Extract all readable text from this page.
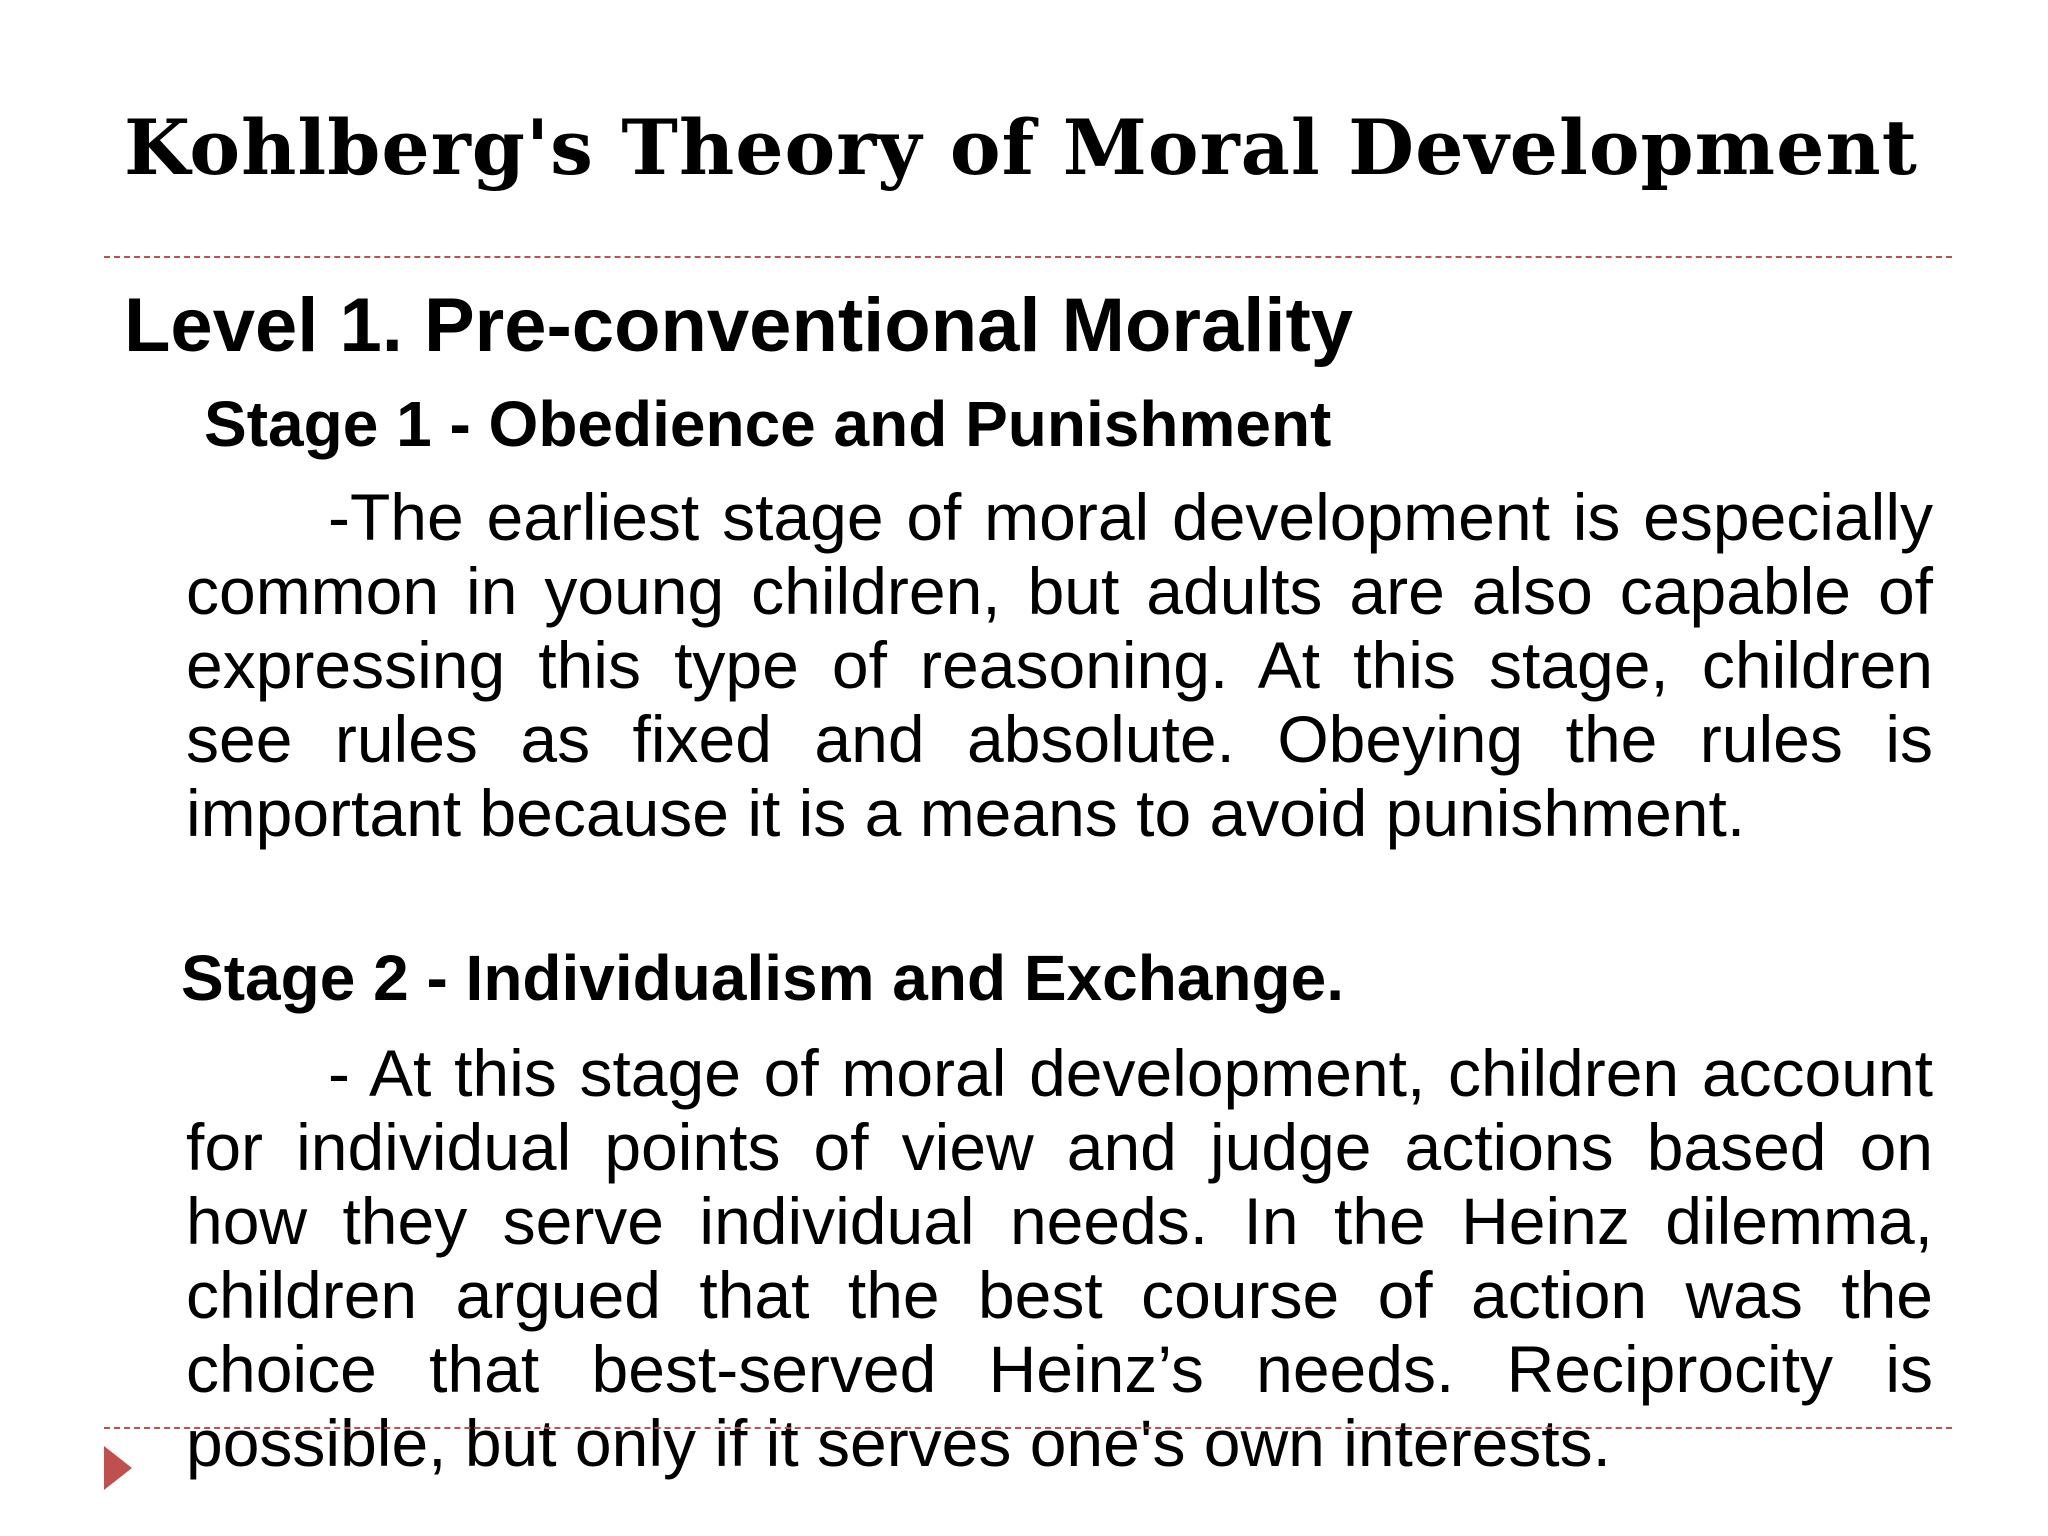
Kohlberg's Theory of Moral Development
Level 1. Pre-conventional Morality
Stage 1 - Obedience and Punishment

-The earliest stage of moral development is especially common in young children, but adults are also capable of expressing this type of reasoning. At this stage, children see rules as fixed and absolute. Obeying the rules is important because it is a means to avoid punishment.

Stage 2 - Individualism and Exchange.

- At this stage of moral development, children account for individual points of view and judge actions based on how they serve individual needs. In the Heinz dilemma, children argued that the best course of action was the choice that best-served Heinz’s needs. Reciprocity is possible, but only if it serves one's own interests.
